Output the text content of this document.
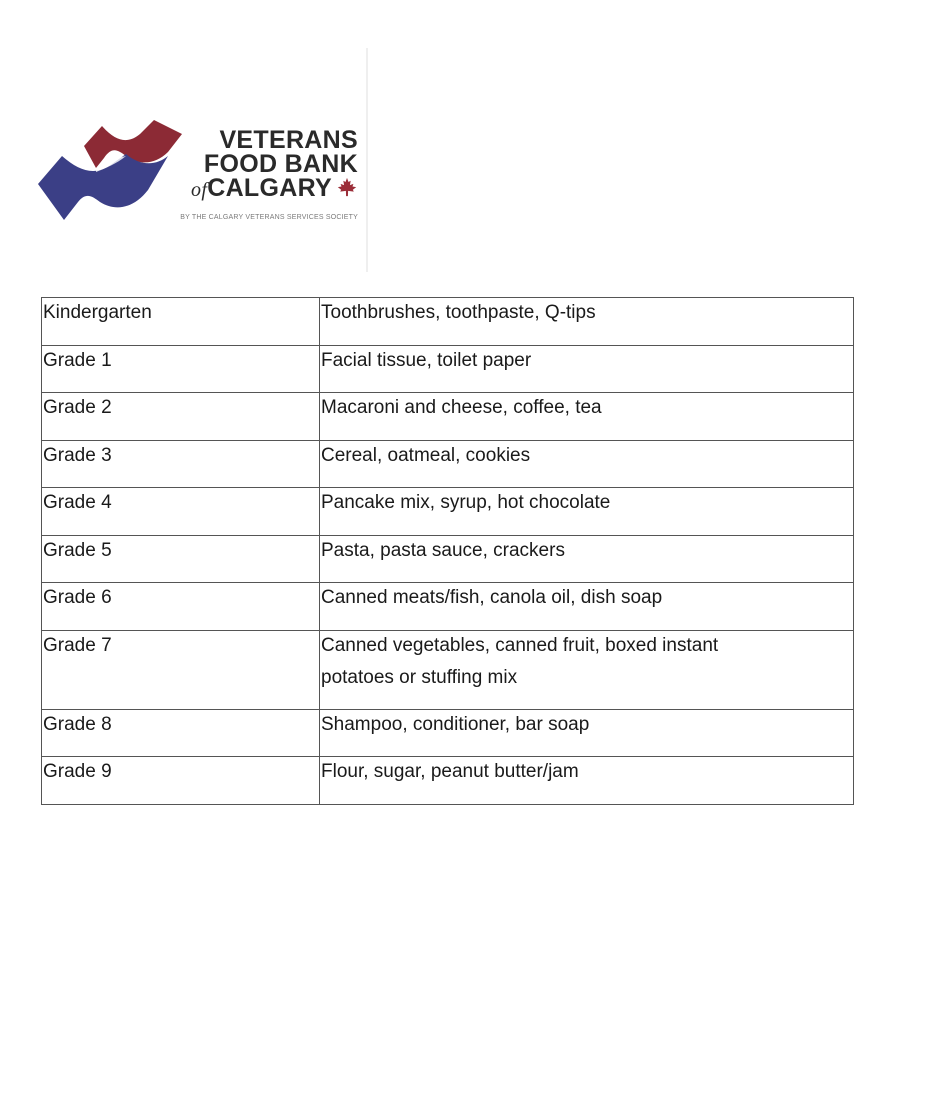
VETERANS
FOOD BANK
ofCALGARY
BY THE CALGARY VETERANS SERVICES SOCIETY
Kindergarten	Toothbrushes, toothpaste, Q-tips

Grade 1	Facial tissue, toilet paper

Grade 2	Macaroni and cheese, coffee, tea

Grade 3	Cereal, oatmeal, cookies

Grade 4	Pancake mix, syrup, hot chocolate

Grade 5	Pasta, pasta sauce, crackers

Grade 6	Canned meats/fish, canola oil, dish soap

Grade 7	Canned vegetables, canned fruit, boxed instant potatoes or stuffing mix

Grade 8	Shampoo, conditioner, bar soap

Grade 9	Flour, sugar, peanut butter/jam
